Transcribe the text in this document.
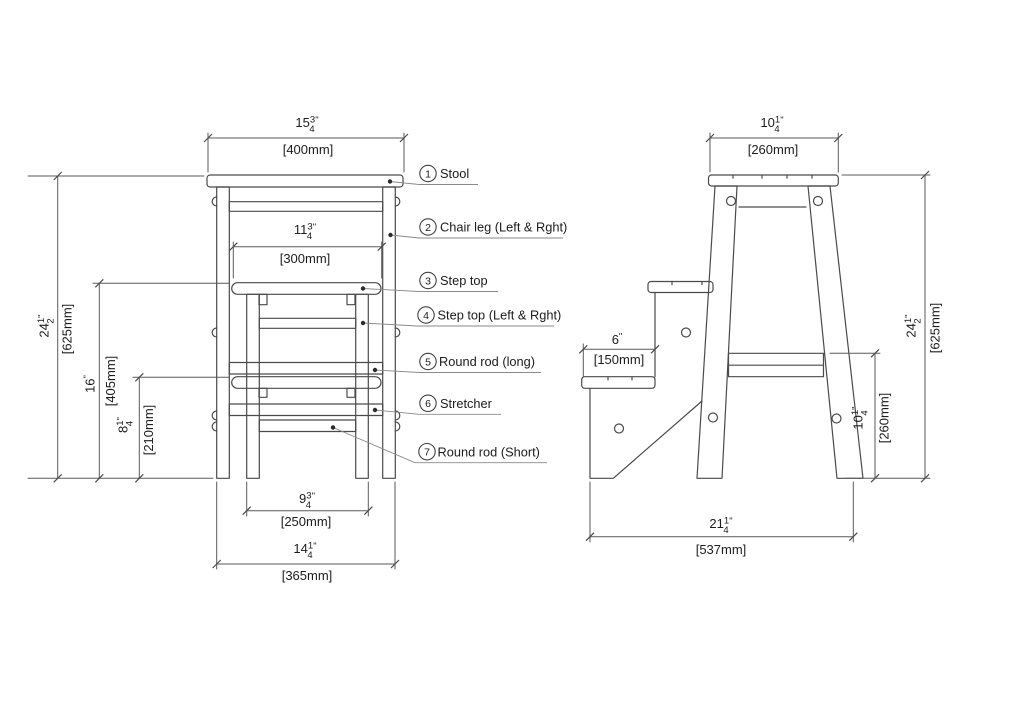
$15^3$ 4"
[400mm]
$11^3$ 4"
[300mm]
$24^12^"$ [625mm]
16" [405mm]
$8^14^"$	[210mm]
$9^3$ 4"
[250mm]
$14^1$ 4"
[365mm]
$10^1$ 4"
[260mm]
6"
[150mm]
$21^1$ 4"
[537mm]
$10^14^"$	[260mm]
$24^12^"$	[625mm]
1 Stool
2 Chair leg (Left & Rght)
3 Step top
4 Step top (Left & Rght)
5 Round rod (long)
6 Stretcher
7 Round rod (Short)
